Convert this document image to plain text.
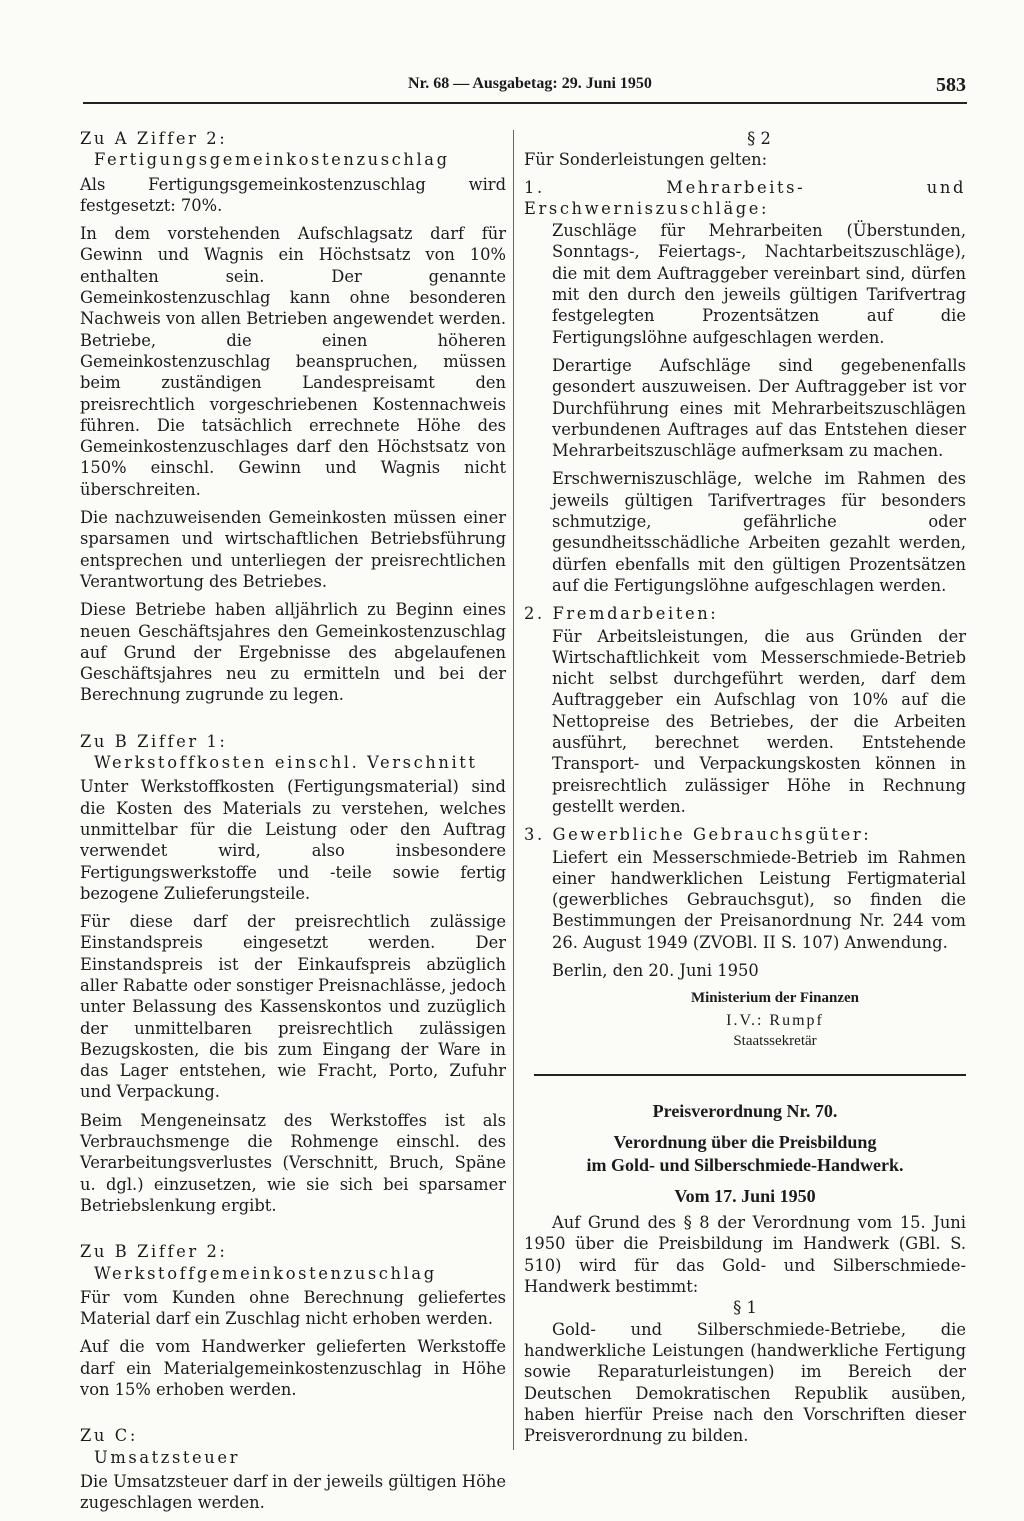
Nr. 68 — Ausgabetag: 29. Juni 1950	583

Zu A Ziffer 2:

Fertigungsgemeinkostenzuschlag

Als Fertigungsgemeinkostenzuschlag wird festgesetzt: 70%.

In dem vorstehenden Aufschlagsatz darf für Gewinn und Wagnis ein Höchstsatz von 10% enthalten sein. Der genannte Gemeinkostenzuschlag kann ohne besonderen Nachweis von allen Betrieben angewendet werden. Betriebe, die einen höheren Gemeinkostenzuschlag beanspruchen, müssen beim zuständigen Landespreisamt den preisrechtlich vorgeschriebenen Kostennachweis führen. Die tatsächlich errechnete Höhe des Gemeinkostenzuschlages darf den Höchstsatz von 150% einschl. Gewinn und Wagnis nicht überschreiten.

Die nachzuweisenden Gemeinkosten müssen einer sparsamen und wirtschaftlichen Betriebsführung entsprechen und unterliegen der preisrechtlichen Verantwortung des Betriebes.

Diese Betriebe haben alljährlich zu Beginn eines neuen Geschäftsjahres den Gemeinkostenzuschlag auf Grund der Ergebnisse des abgelaufenen Geschäftsjahres neu zu ermitteln und bei der Berechnung zugrunde zu legen.

Zu B Ziffer 1:

Werkstoffkosten einschl. Verschnitt

Unter Werkstoffkosten (Fertigungsmaterial) sind die Kosten des Materials zu verstehen, welches unmittelbar für die Leistung oder den Auftrag verwendet wird, also insbesondere Fertigungswerkstoffe und -teile sowie fertig bezogene Zulieferungsteile.

Für diese darf der preisrechtlich zulässige Einstandspreis eingesetzt werden. Der Einstandspreis ist der Einkaufspreis abzüglich aller Rabatte oder sonstiger Preisnachlässe, jedoch unter Belassung des Kassenskontos und zuzüglich der unmittelbaren preisrechtlich zulässigen Bezugskosten, die bis zum Eingang der Ware in das Lager entstehen, wie Fracht, Porto, Zufuhr und Verpackung.

Beim Mengeneinsatz des Werkstoffes ist als Verbrauchsmenge die Rohmenge einschl. des Verarbeitungsverlustes (Verschnitt, Bruch, Späne u. dgl.) einzusetzen, wie sie sich bei sparsamer Betriebslenkung ergibt.

Zu B Ziffer 2:

Werkstoffgemeinkostenzuschlag

Für vom Kunden ohne Berechnung geliefertes Material darf ein Zuschlag nicht erhoben werden.

Auf die vom Handwerker gelieferten Werkstoffe darf ein Materialgemeinkostenzuschlag in Höhe von 15% erhoben werden.

Zu C:

Umsatzsteuer

Die Umsatzsteuer darf in der jeweils gültigen Höhe zugeschlagen werden.

§ 2

Für Sonderleistungen gelten:

1. Mehrarbeits- und Erschwerniszuschläge:

Zuschläge für Mehrarbeiten (Überstunden, Sonntags-, Feiertags-, Nachtarbeitszuschläge), die mit dem Auftraggeber vereinbart sind, dürfen mit den durch den jeweils gültigen Tarifvertrag festgelegten Prozentsätzen auf die Fertigungslöhne aufgeschlagen werden.

Derartige Aufschläge sind gegebenenfalls gesondert auszuweisen. Der Auftraggeber ist vor Durchführung eines mit Mehrarbeitszuschlägen verbundenen Auftrages auf das Entstehen dieser Mehrarbeitszuschläge aufmerksam zu machen.

Erschwerniszuschläge, welche im Rahmen des jeweils gültigen Tarifvertrages für besonders schmutzige, gefährliche oder gesundheitsschädliche Arbeiten gezahlt werden, dürfen ebenfalls mit den gültigen Prozentsätzen auf die Fertigungslöhne aufgeschlagen werden.

2. Fremdarbeiten:

Für Arbeitsleistungen, die aus Gründen der Wirtschaftlichkeit vom Messerschmiede-Betrieb nicht selbst durchgeführt werden, darf dem Auftraggeber ein Aufschlag von 10% auf die Nettopreise des Betriebes, der die Arbeiten ausführt, berechnet werden. Entstehende Transport- und Verpackungskosten können in preisrechtlich zulässiger Höhe in Rechnung gestellt werden.

3. Gewerbliche Gebrauchsgüter:

Liefert ein Messerschmiede-Betrieb im Rahmen einer handwerklichen Leistung Fertigmaterial (gewerbliches Gebrauchsgut), so finden die Bestimmungen der Preisanordnung Nr. 244 vom 26. August 1949 (ZVOBl. II S. 107) Anwendung.

Berlin, den 20. Juni 1950

Ministerium der Finanzen
I.V.: Rumpf
Staatssekretär
Preisverordnung Nr. 70.
Verordnung über die Preisbildung
im Gold- und Silberschmiede-Handwerk.
Vom 17. Juni 1950

Auf Grund des § 8 der Verordnung vom 15. Juni 1950 über die Preisbildung im Handwerk (GBl. S. 510) wird für das Gold- und Silberschmiede-Handwerk bestimmt:

§ 1

Gold- und Silberschmiede-Betriebe, die handwerkliche Leistungen (handwerkliche Fertigung sowie Reparaturleistungen) im Bereich der Deutschen Demokratischen Republik ausüben, haben hierfür Preise nach den Vorschriften dieser Preisverordnung zu bilden.
